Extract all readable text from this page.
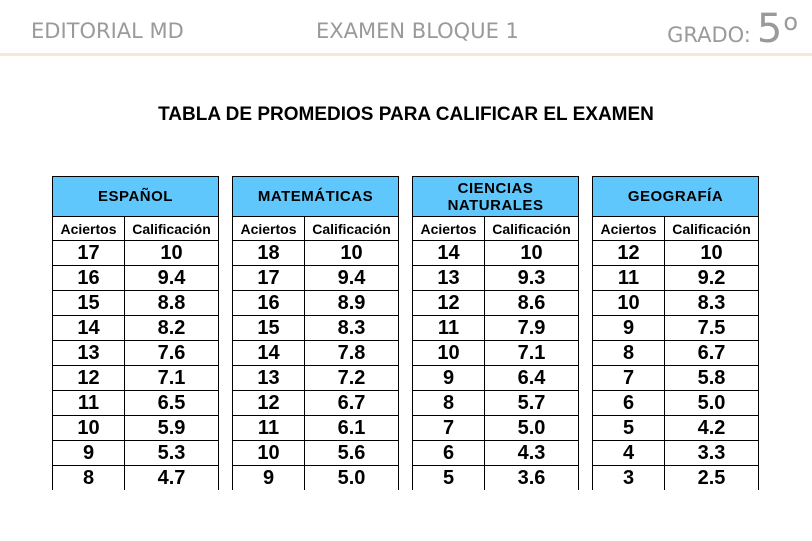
EDITORIAL MD	EXAMEN BLOQUE 1	GRADO: 5o
TABLA DE PROMEDIOS PARA CALIFICAR EL EXAMEN
ESPAÑOL	
Aciertos	Calificación
17	10
16	9.4
15	8.8
14	8.2
13	7.6
12	7.1
11	6.5
10	5.9
9	5.3
8	4.7
MATEMÁTICAS	
Aciertos	Calificación
18	10
17	9.4
16	8.9
15	8.3
14	7.8
13	7.2
12	6.7
11	6.1
10	5.6
9	5.0
CIENCIAS NATURALES	
Aciertos	Calificación
14	10
13	9.3
12	8.6
11	7.9
10	7.1
9	6.4
8	5.7
7	5.0
6	4.3
5	3.6
GEOGRAFÍA	
Aciertos	Calificación
12	10
11	9.2
10	8.3
9	7.5
8	6.7
7	5.8
6	5.0
5	4.2
4	3.3
3	2.5
